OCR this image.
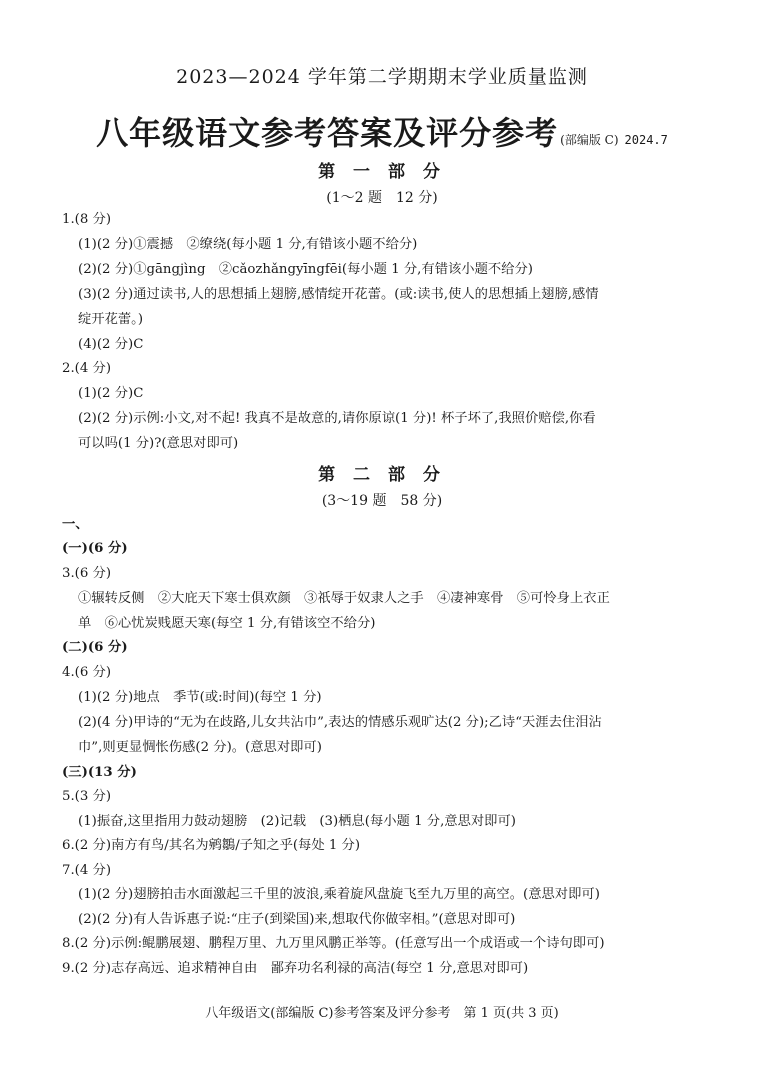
2023—2024 学年第二学期期末学业质量监测
八年级语文参考答案及评分参考 (部编版 C) 2024.7
第 一 部 分
(1～2 题　12 分)
1.(8 分)
(1)(2 分)①震撼　②缭绕(每小题 1 分,有错该小题不给分)
(2)(2 分)①gāngjìng　②cǎozhǎngyīngfēi(每小题 1 分,有错该小题不给分)
(3)(2 分)通过读书,人的思想插上翅膀,感情绽开花蕾。(或:读书,使人的思想插上翅膀,感情
绽开花蕾。)
(4)(2 分)C
2.(4 分)
(1)(2 分)C
(2)(2 分)示例:小文,对不起! 我真不是故意的,请你原谅(1 分)! 杯子坏了,我照价赔偿,你看
可以吗(1 分)?(意思对即可)
第 二 部 分
(3～19 题　58 分)
一、
(一)(6 分)
3.(6 分)
①辗转反侧　②大庇天下寒士俱欢颜　③祇辱于奴隶人之手　④凄神寒骨　⑤可怜身上衣正
单　⑥心忧炭贱愿天寒(每空 1 分,有错该空不给分)
(二)(6 分)
4.(6 分)
(1)(2 分)地点　季节(或:时间)(每空 1 分)
(2)(4 分)甲诗的“无为在歧路,儿女共沾巾”,表达的情感乐观旷达(2 分);乙诗“天涯去住泪沾
巾”,则更显惆怅伤感(2 分)。(意思对即可)
(三)(13 分)
5.(3 分)
(1)振奋,这里指用力鼓动翅膀　(2)记载　(3)栖息(每小题 1 分,意思对即可)
6.(2 分)南方有鸟/其名为鹓鶵/子知之乎(每处 1 分)
7.(4 分)
(1)(2 分)翅膀拍击水面激起三千里的波浪,乘着旋风盘旋飞至九万里的高空。(意思对即可)
(2)(2 分)有人告诉惠子说:“庄子(到梁国)来,想取代你做宰相。”(意思对即可)
8.(2 分)示例:鲲鹏展翅、鹏程万里、九万里风鹏正举等。(任意写出一个成语或一个诗句即可)
9.(2 分)志存高远、追求精神自由　鄙弃功名利禄的高洁(每空 1 分,意思对即可)
八年级语文(部编版 C)参考答案及评分参考　第 1 页(共 3 页)
